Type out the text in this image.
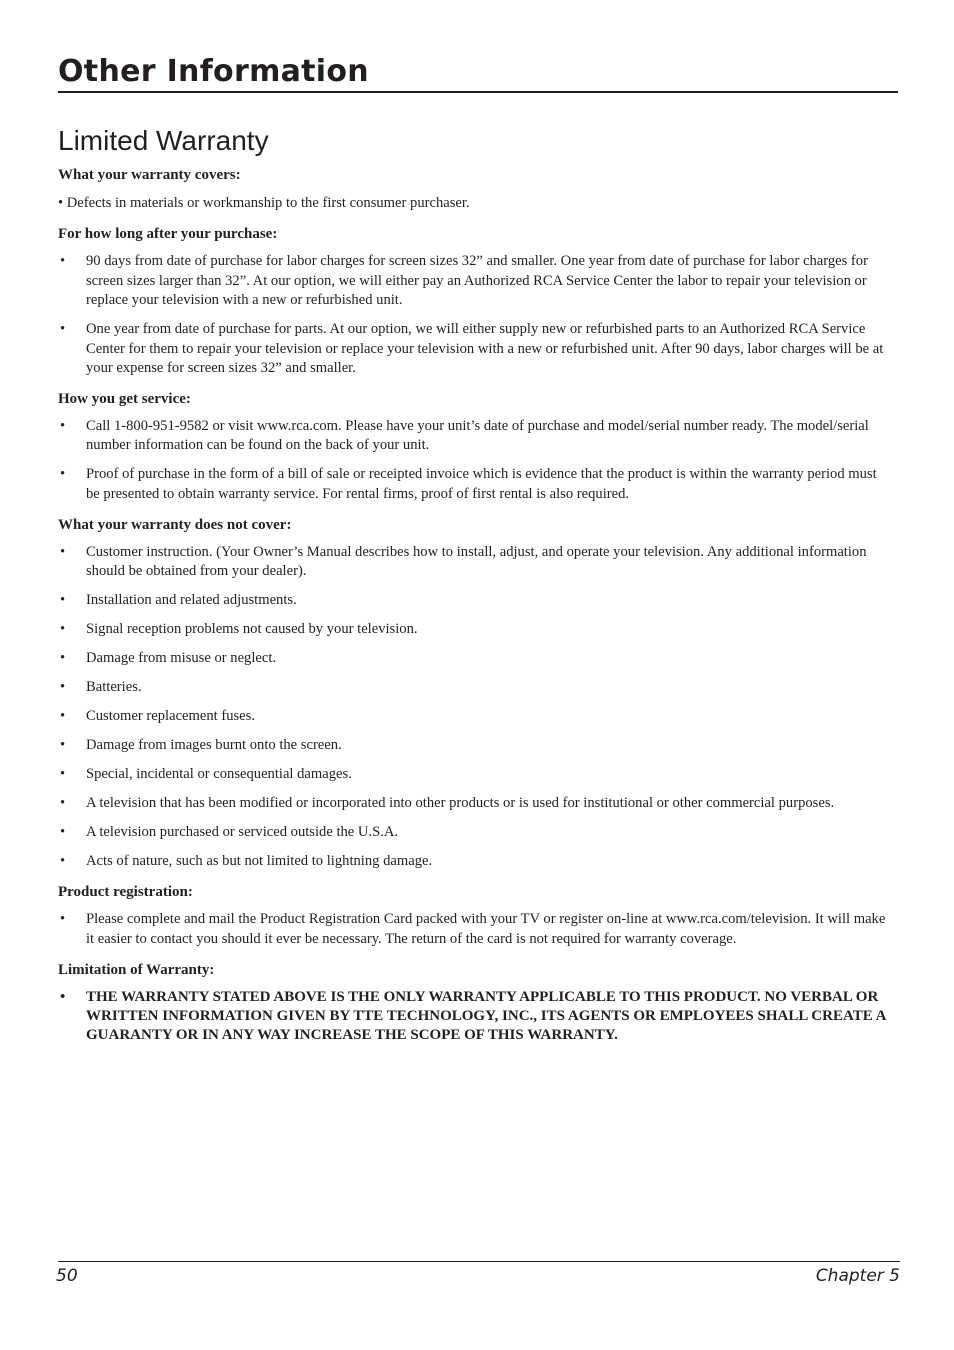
Other Information
Limited Warranty
What your warranty covers:
• Defects in materials or workmanship to the first consumer purchaser.
For how long after your purchase:
• 90 days from date of purchase for labor charges for screen sizes 32” and smaller. One year from date of purchase for labor charges for screen sizes larger than 32”. At our option, we will either pay an Authorized RCA Service Center the labor to repair your television or replace your television with a new or refurbished unit.
• One year from date of purchase for parts. At our option, we will either supply new or refurbished parts to an Authorized RCA Service Center for them to repair your television or replace your television with a new or refurbished unit. After 90 days, labor charges will be at your expense for screen sizes 32” and smaller.
How you get service:
• Call 1-800-951-9582 or visit www.rca.com. Please have your unit’s date of purchase and model/serial number ready. The model/serial number information can be found on the back of your unit.
• Proof of purchase in the form of a bill of sale or receipted invoice which is evidence that the product is within the warranty period must be presented to obtain warranty service. For rental firms, proof of first rental is also required.
What your warranty does not cover:
• Customer instruction. (Your Owner’s Manual describes how to install, adjust, and operate your television. Any additional information should be obtained from your dealer).
• Installation and related adjustments.
• Signal reception problems not caused by your television.
• Damage from misuse or neglect.
• Batteries.
• Customer replacement fuses.
• Damage from images burnt onto the screen.
• Special, incidental or consequential damages.
• A television that has been modified or incorporated into other products or is used for institutional or other commercial purposes.
• A television purchased or serviced outside the U.S.A.
• Acts of nature, such as but not limited to lightning damage.
Product registration:
• Please complete and mail the Product Registration Card packed with your TV or register on-line at www.rca.com/television. It will make it easier to contact you should it ever be necessary. The return of the card is not required for warranty coverage.
Limitation of Warranty:
• THE WARRANTY STATED ABOVE IS THE ONLY WARRANTY APPLICABLE TO THIS PRODUCT. NO VERBAL OR WRITTEN INFORMATION GIVEN BY TTE TECHNOLOGY, INC., ITS AGENTS OR EMPLOYEES SHALL CREATE A GUARANTY OR IN ANY WAY INCREASE THE SCOPE OF THIS WARRANTY.
50	Chapter 5
